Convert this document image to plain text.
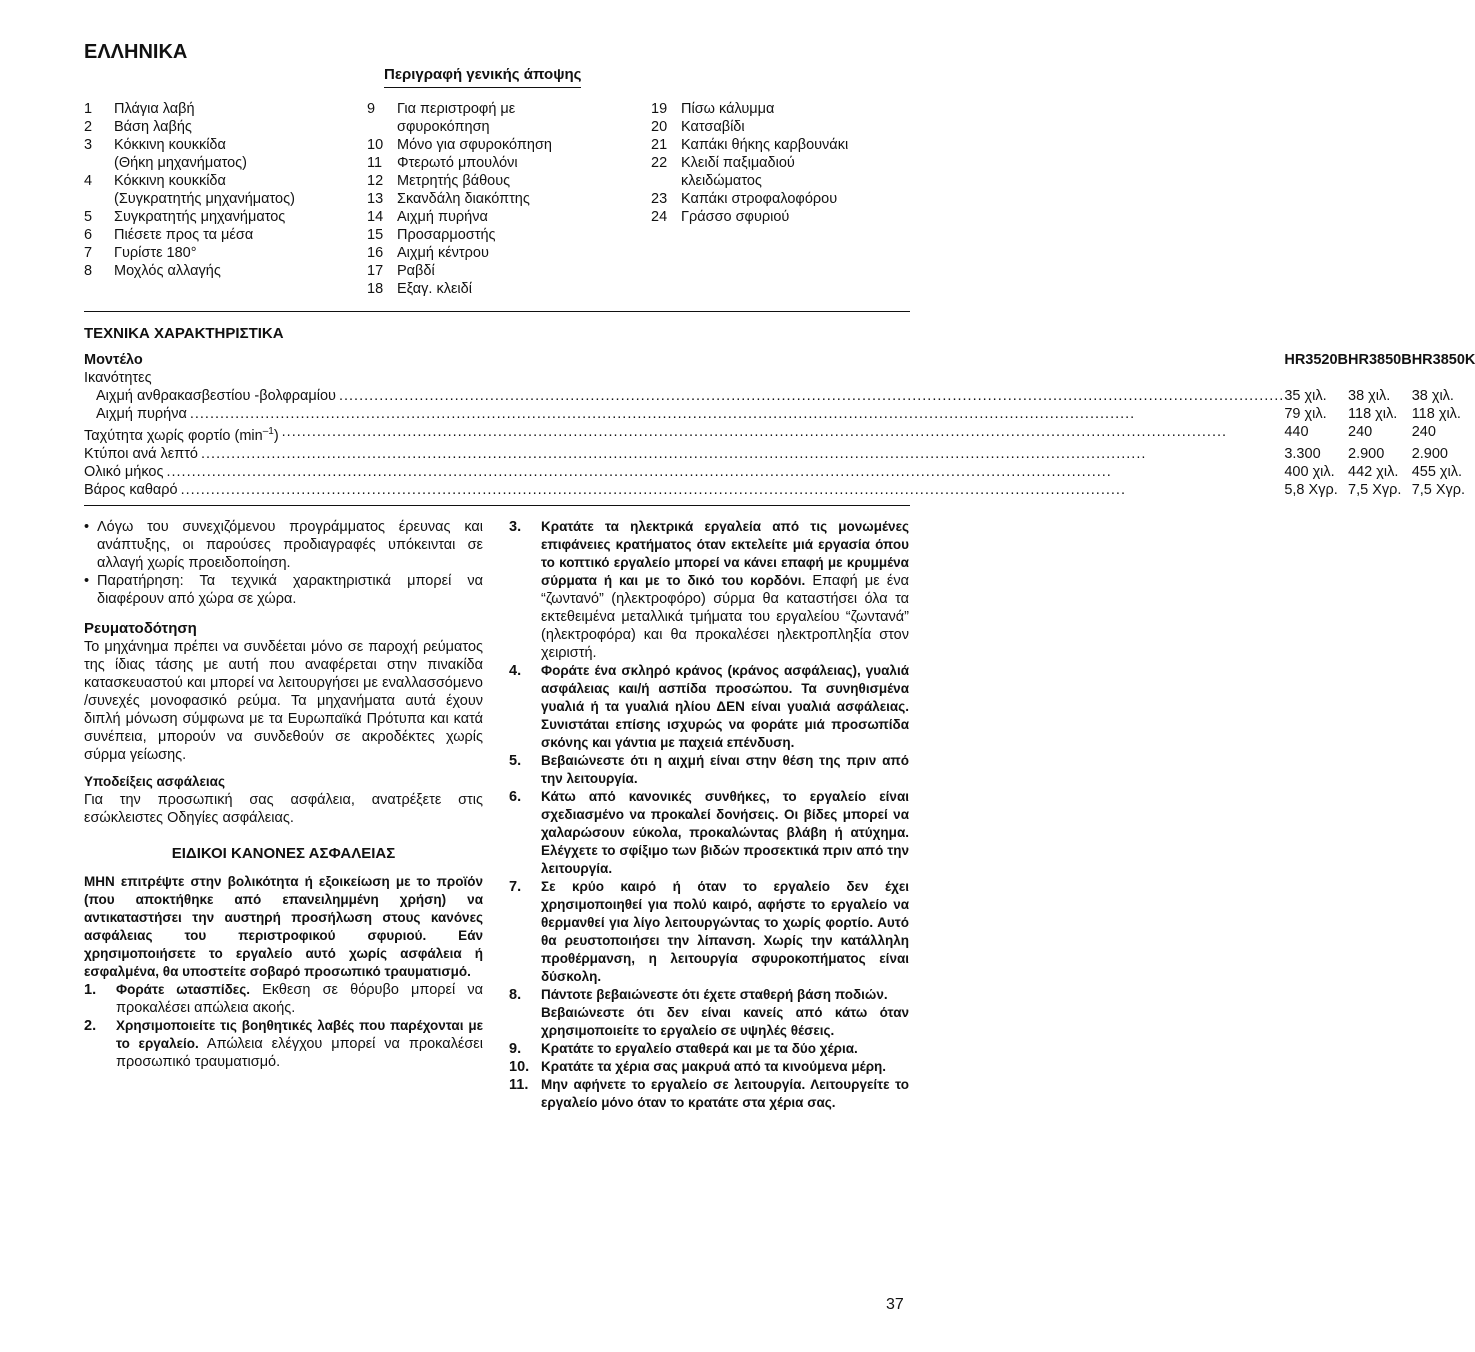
ΕΛΛΗΝΙΚΑ
Περιγραφή γενικής άποψης
1	Πλάγια λαβή
2	Βάση λαβής
3	Κόκκινη κουκκίδα
(Θήκη μηχανήματος)
4	Κόκκινη κουκκίδα
(Συγκρατητής μηχανήματος)
5	Συγκρατητής μηχανήματος
6	Πιέσετε προς τα μέσα
7	Γυρίστε 180°
8	Μοχλός αλλαγής
9	Για περιστροφή με
σφυροκόπηση
10 Μόνο για σφυροκόπηση
11	Φτερωτό μπουλόνι
12 Μετρητής βάθους
13 Σκανδάλη διακόπτης
14 Αιχμή πυρήνα
15 Προσαρμοστής
16 Αιχμή κέντρου
17 Ραβδί
18 Εξαγ. κλειδί
19 Πίσω κάλυμμα
20 Κατσαβίδι
21 Καπάκι θήκης καρβουνάκι
22 Κλειδί παξιμαδιού
κλειδώματος
23 Καπάκι στροφαλοφόρου
24 Γράσσο σφυριού
ΤΕΧΝΙΚΑ ΧΑΡΑΚΤΗΡΙΣΤΙΚΑ
Μοντέλο	HR3520B	HR3850B	HR3850K
Ικανότητες			

Αιχμή ανθρακασβεστίου -βολφραμίου
.....	35 χιλ.	38 χιλ.	38 χιλ.

Αιχμή πυρήνα
.....	79 χιλ.	118 χιλ.	118 χιλ.

Ταχύτητα χωρίς φορτίο $(\min^{-1})$
.....	440	240	240

Κτύποι ανά λεπτό
.....	3.300	2.900	2.900

Ολικό μήκος
.....	400 χιλ.	442 χιλ.	455 χιλ.

Βάρος καθαρό
.....	5,8 Χγρ.	7,5 Χγρ.	7,5 Χγρ.
• Λόγω του συνεχιζόμενου προγράμματος έρευνας και ανάπτυξης, οι παρούσες προδιαγραφές υπόκεινται σε αλλαγή χωρίς προειδοποίηση.
• Παρατήρηση: Τα τεχνικά χαρακτηριστικά μπορεί να διαφέρουν από χώρα σε χώρα.
Ρευματοδότηση

Το μηχάνημα πρέπει να συνδέεται μόνο σε παροχή ρεύματος της ίδιας τάσης με αυτή που αναφέρεται στην πινακίδα κατασκευαστού και μπορεί να λειτουργήσει με εναλλασσόμενο /συνεχές μονοφασικό ρεύμα. Τα μηχανήματα αυτά έχουν διπλή μόνωση σύμφωνα με τα Ευρωπαϊκά Πρότυπα και κατά συνέπεια, μπορούν να συνδεθούν σε ακροδέκτες χωρίς σύρμα γείωσης.

Υποδείξεις ασφάλειας

Για την προσωπική σας ασφάλεια, ανατρέξετε στις εσώκλειστες Οδηγίες ασφάλειας.

ΕΙΔΙΚΟΙ ΚΑΝΟΝΕΣ ΑΣΦΑΛΕΙΑΣ

ΜΗΝ επιτρέψτε στην βολικότητα ή εξοικείωση με το προϊόν (που αποκτήθηκε από επανειλημμένη χρήση) να αντικαταστήσει την αυστηρή προσήλωση στους κανόνες ασφάλειας του περιστροφικού σφυριού. Εάν χρησιμοποιήσετε το εργαλείο αυτό χωρίς ασφάλεια ή εσφαλμένα, θα υποστείτε σοβαρό προσωπικό τραυματισμό.

1.	Φοράτε ωτασπίδες. Εκθεση σε θόρυβο μπορεί να προκαλέσει απώλεια ακοής.
2.	Χρησιμοποιείτε τις βοηθητικές λαβές που παρέχονται με το εργαλείο. Απώλεια ελέγχου μπορεί να προκαλέσει προσωπικό τραυματισμό.
3.	Κρατάτε τα ηλεκτρικά εργαλεία από τις μονωμένες επιφάνειες κρατήματος όταν εκτελείτε μιά εργασία όπου το κοπτικό εργαλείο μπορεί να κάνει επαφή με κρυμμένα σύρματα ή και με το δικό του κορδόνι. Επαφή με ένα “ζωντανό” (ηλεκτροφόρο) σύρμα θα καταστήσει όλα τα εκτεθειμένα μεταλλικά τμήματα του εργαλείου “ζωντανά” (ηλεκτροφόρα) και θα προκαλέσει ηλεκτροπληξία στον χειριστή.
4.	Φοράτε ένα σκληρό κράνος (κράνος ασφάλειας), γυαλιά ασφάλειας και/ή ασπίδα προσώπου. Τα συνηθισμένα γυαλιά ή τα γυαλιά ηλίου ΔΕΝ είναι γυαλιά ασφάλειας. Συνιστάται επίσης ισχυρώς να φοράτε μιά προσωπίδα σκόνης και γάντια με παχειά επένδυση.
5.	Βεβαιώνεστε ότι η αιχμή είναι στην θέση της πριν από την λειτουργία.
6.	Κάτω από κανονικές συνθήκες, το εργαλείο είναι σχεδιασμένο να προκαλεί δονήσεις. Οι βίδες μπορεί να χαλαρώσουν εύκολα, προκαλώντας βλάβη ή ατύχημα. Ελέγχετε το σφίξιμο των βιδών προσεκτικά πριν από την λειτουργία.
7.	Σε κρύο καιρό ή όταν το εργαλείο δεν έχει χρησιμοποιηθεί για πολύ καιρό, αφήστε το εργαλείο να θερμανθεί για λίγο λειτουργώντας το χωρίς φορτίο. Αυτό θα ρευστοποιήσει την λίπανση. Χωρίς την κατάλληλη προθέρμανση, η λειτουργία σφυροκοπήματος είναι δύσκολη.
8.	Πάντοτε βεβαιώνεστε ότι έχετε σταθερή βάση ποδιών.
Βεβαιώνεστε ότι δεν είναι κανείς από κάτω όταν χρησιμοποιείτε το εργαλείο σε υψηλές θέσεις.
9.	Κρατάτε το εργαλείο σταθερά και με τα δύο χέρια.
10. Κρατάτε τα χέρια σας μακρυά από τα κινούμενα μέρη.
11. Μην αφήνετε το εργαλείο σε λειτουργία. Λειτουργείτε το εργαλείο μόνο όταν το κρατάτε στα χέρια σας.
37
